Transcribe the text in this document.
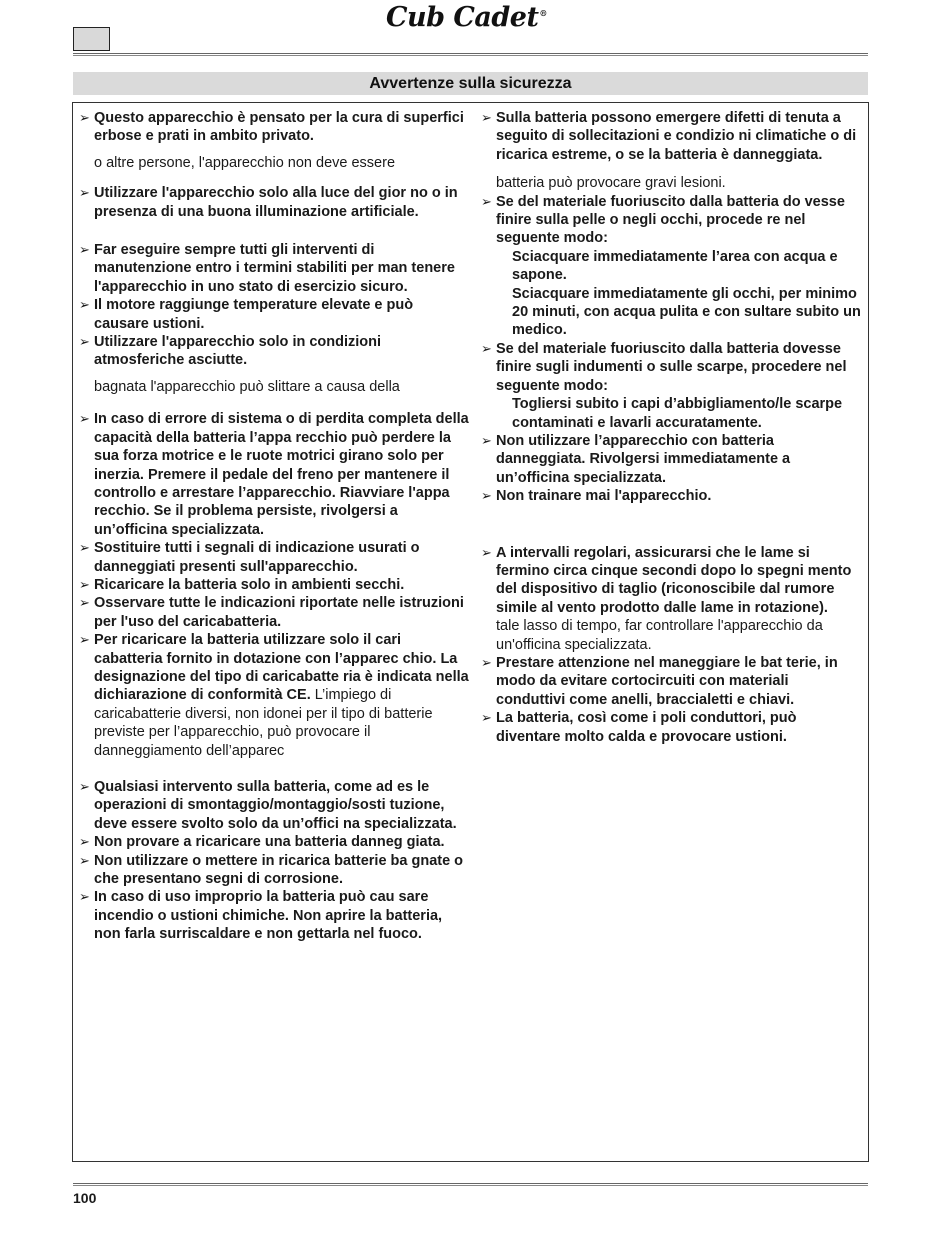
Cub Cadet®
Avvertenze sulla sicurezza
➢ Questo apparecchio è pensato per la cura di superfici erbose e prati in ambito privato.
o altre persone, l'apparecchio non deve essere
➢ Utilizzare l'apparecchio solo alla luce del gior no o in presenza di una buona illuminazione artificiale.
➢ Far eseguire sempre tutti gli interventi di manutenzione entro i termini stabiliti per man tenere l'apparecchio in uno stato di esercizio sicuro.
➢ Il motore raggiunge temperature elevate e può causare ustioni.
➢ Utilizzare l'apparecchio solo in condizioni atmosferiche asciutte.
bagnata l'apparecchio può slittare a causa della
➢ In caso di errore di sistema o di perdita completa della capacità della batteria l’appa recchio può perdere la sua forza motrice e le ruote motrici girano solo per inerzia. Premere il pedale del freno per mantenere il controllo e arrestare l’apparecchio. Riavviare l'appa recchio. Se il problema persiste, rivolgersi a un’officina specializzata.
➢ Sostituire tutti i segnali di indicazione usurati o danneggiati presenti sull'apparecchio.
➢ Ricaricare la batteria solo in ambienti secchi.
➢ Osservare tutte le indicazioni riportate nelle istruzioni per l'uso del caricabatteria.
➢ Per ricaricare la batteria utilizzare solo il cari cabatteria fornito in dotazione con l’apparec chio. La designazione del tipo di caricabatte ria è indicata nella dichiarazione di conformità CE. L’impiego di caricabatterie diversi, non idonei per il tipo di batterie previste per l’apparecchio, può provocare il danneggiamento dell’apparec
➢ Qualsiasi intervento sulla batteria, come ad es le operazioni di smontaggio/montaggio/sosti tuzione, deve essere svolto solo da un’offici na specializzata.
➢ Non provare a ricaricare una batteria danneg giata.
➢ Non utilizzare o mettere in ricarica batterie ba gnate o che presentano segni di corrosione.
➢ In caso di uso improprio la batteria può cau sare incendio o ustioni chimiche. Non aprire la batteria, non farla surriscaldare e non gettarla nel fuoco.
➢ Sulla batteria possono emergere difetti di tenuta a seguito di sollecitazioni e condizio ni climatiche o di ricarica estreme, o se la batteria è danneggiata.
batteria può provocare gravi lesioni.
➢ Se del materiale fuoriuscito dalla batteria do vesse finire sulla pelle o negli occhi, procede re nel seguente modo:
Sciacquare immediatamente l’area con acqua e sapone.
Sciacquare immediatamente gli occhi, per minimo 20 minuti, con acqua pulita e con sultare subito un medico.
➢ Se del materiale fuoriuscito dalla batteria dovesse finire sugli indumenti o sulle scarpe, procedere nel seguente modo:
Togliersi subito i capi d’abbigliamento/le scarpe contaminati e lavarli accuratamente.
➢ Non utilizzare l’apparecchio con batteria danneggiata. Rivolgersi immediatamente a un’officina specializzata.
➢ Non trainare mai l'apparecchio.
➢ A intervalli regolari, assicurarsi che le lame si fermino circa cinque secondi dopo lo spegni mento del dispositivo di taglio (riconoscibile dal rumore simile al vento prodotto dalle lame in rotazione).
tale lasso di tempo, far controllare l'apparecchio da un'officina specializzata.
➢ Prestare attenzione nel maneggiare le bat terie, in modo da evitare cortocircuiti con materiali conduttivi come anelli, braccialetti e chiavi.
➢ La batteria, così come i poli conduttori, può diventare molto calda e provocare ustioni.
100
